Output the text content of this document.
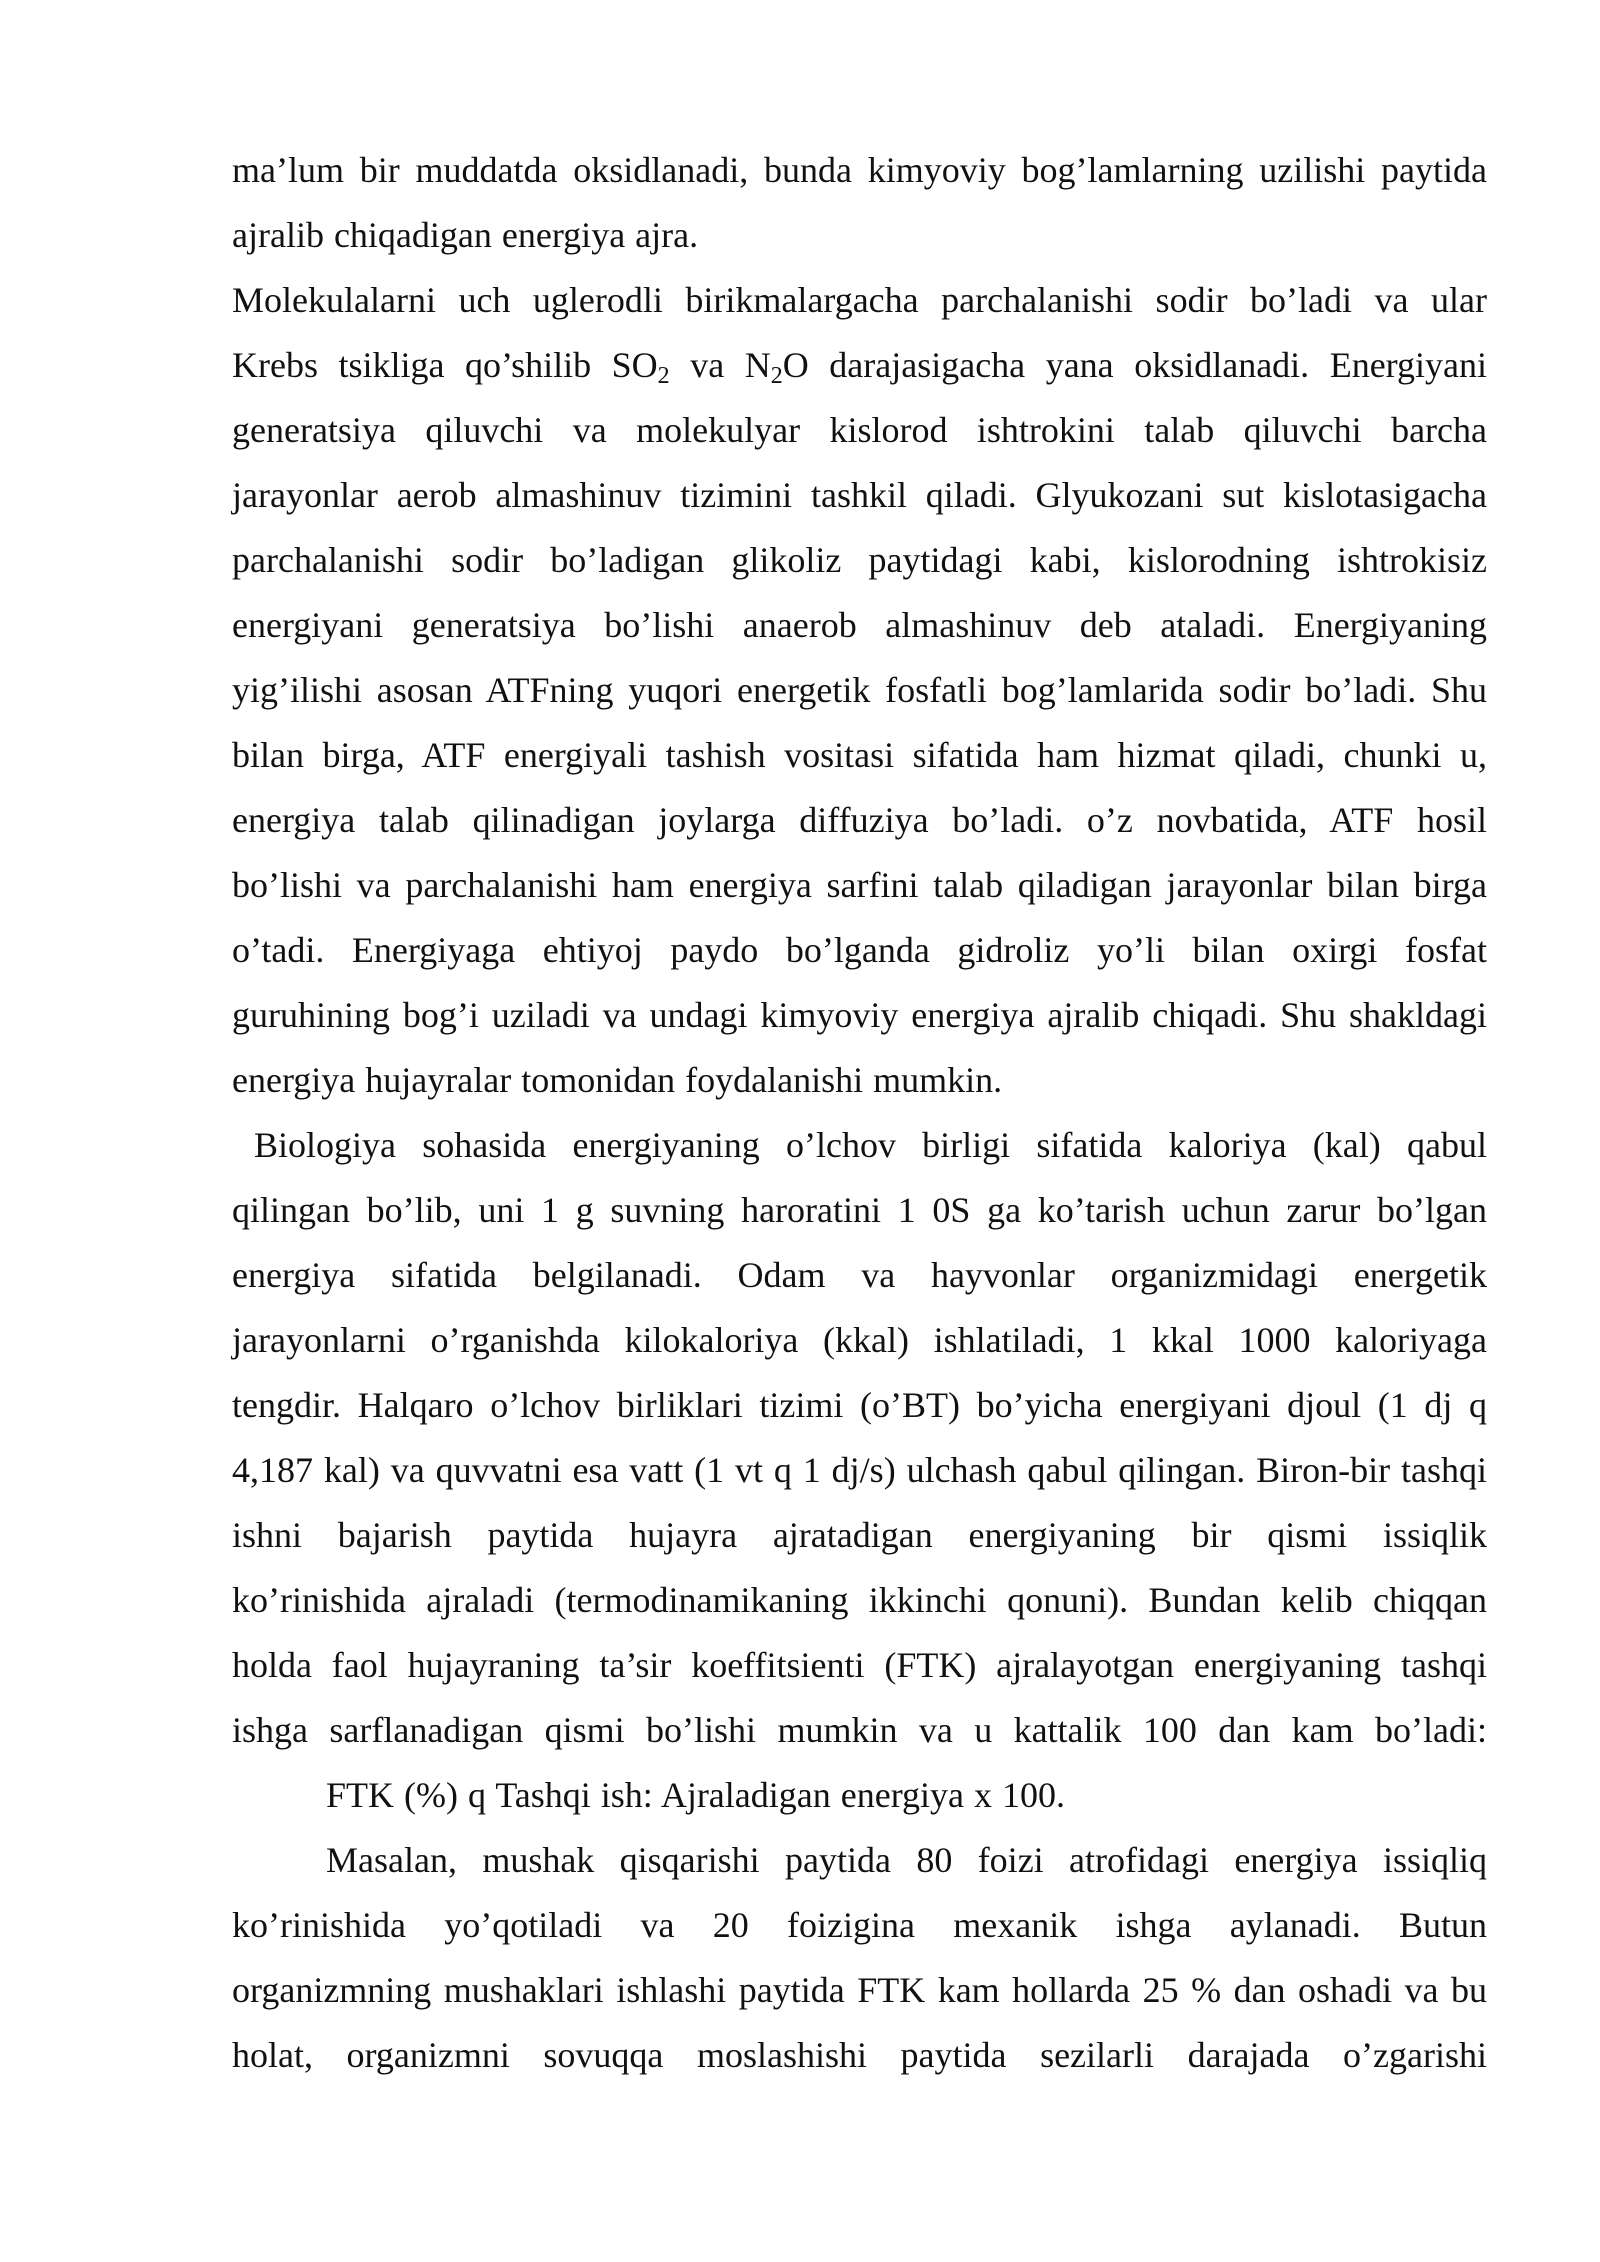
ma’lum bir muddatda oksidlanadi, bunda kimyoviy bog’lamlarning uzilishi paytida
ajralib chiqadigan energiya ajra.
Molekulalarni uch uglerodli birikmalargacha parchalanishi sodir bo’ladi va ular
Krebs tsikliga qo’shilib $SO_2$ va $N_2O$ darajasigacha yana oksidlanadi. Energiyani
generatsiya qiluvchi va molekulyar kislorod ishtrokini talab qiluvchi barcha
jarayonlar aerob almashinuv tizimini tashkil qiladi. Glyukozani sut kislotasigacha
parchalanishi sodir bo’ladigan glikoliz paytidagi kabi, kislorodning ishtrokisiz
energiyani generatsiya bo’lishi anaerob almashinuv deb ataladi. Energiyaning
yig’ilishi asosan ATFning yuqori energetik fosfatli bog’lamlarida sodir bo’ladi. Shu
bilan birga, ATF energiyali tashish vositasi sifatida ham hizmat qiladi, chunki u,
energiya talab qilinadigan joylarga diffuziya bo’ladi. o’z novbatida, ATF hosil
bo’lishi va parchalanishi ham energiya sarfini talab qiladigan jarayonlar bilan birga
o’tadi. Energiyaga ehtiyoj paydo bo’lganda gidroliz yo’li bilan oxirgi fosfat
guruhining bog’i uziladi va undagi kimyoviy energiya ajralib chiqadi. Shu shakldagi
energiya hujayralar tomonidan foydalanishi mumkin.
Biologiya sohasida energiyaning o’lchov birligi sifatida kaloriya (kal) qabul
qilingan bo’lib, uni 1 g suvning haroratini 1 0S ga ko’tarish uchun zarur bo’lgan
energiya sifatida belgilanadi. Odam va hayvonlar organizmidagi energetik
jarayonlarni o’rganishda kilokaloriya (kkal) ishlatiladi, 1 kkal 1000 kaloriyaga
tengdir. Halqaro o’lchov birliklari tizimi (o’BT) bo’yicha energiyani djoul (1 dj q
4,187 kal) va quvvatni esa vatt (1 vt q 1 dj/s) ulchash qabul qilingan. Biron-bir tashqi
ishni bajarish paytida hujayra ajratadigan energiyaning bir qismi issiqlik
ko’rinishida ajraladi (termodinamikaning ikkinchi qonuni). Bundan kelib chiqqan
holda faol hujayraning ta’sir koeffitsienti (FTK) ajralayotgan energiyaning tashqi
ishga sarflanadigan qismi bo’lishi mumkin va u kattalik 100 dan kam bo’ladi:
FTK (%) q Tashqi ish: Ajraladigan energiya x 100.
Masalan, mushak qisqarishi paytida 80 foizi atrofidagi energiya issiqliq
ko’rinishida yo’qotiladi va 20 foizigina mexanik ishga aylanadi. Butun
organizmning mushaklari ishlashi paytida FTK kam hollarda 25 % dan oshadi va bu
holat, organizmni sovuqqa moslashishi paytida sezilarli darajada o’zgarishi
